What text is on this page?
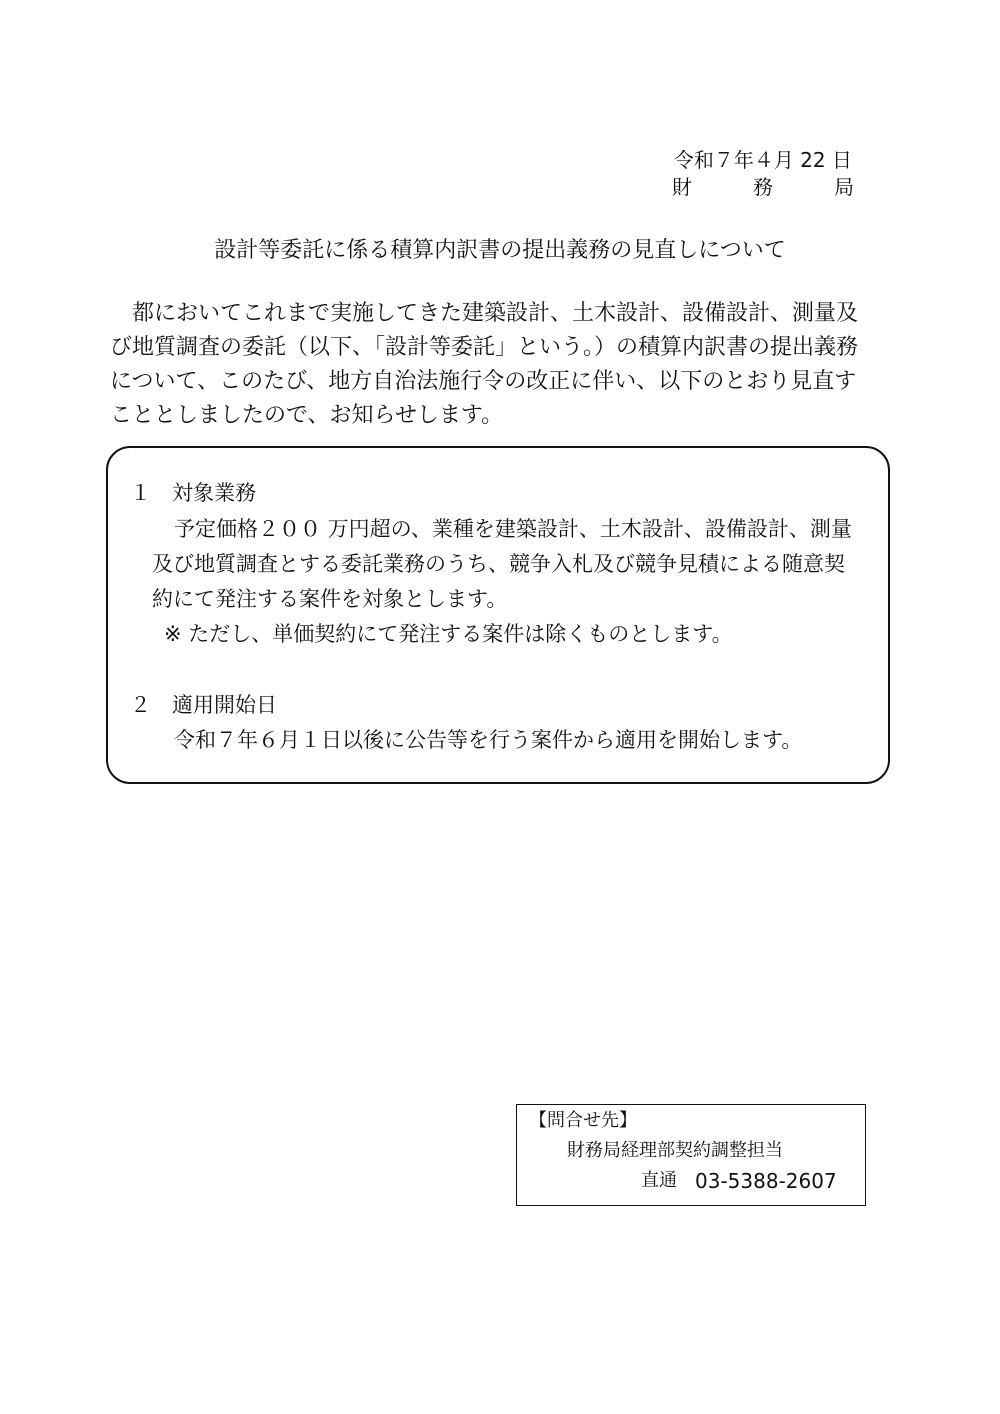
令和７年４月 22 日
財	務	局
設計等委託に係る積算内訳書の提出義務の見直しについて
都においてこれまで実施してきた建築設計、土木設計、設備設計、測量及
び地質調査の委託（以下、「設計等委託」という。）の積算内訳書の提出義務
について、このたび、地方自治法施行令の改正に伴い、以下のとおり見直す
こととしましたので、お知らせします。
１ 対象業務
予定価格２００ 万円超の、業種を建築設計、土木設計、設備設計、測量
及び地質調査とする委託業務のうち、競争入札及び競争見積による随意契
約にて発注する案件を対象とします。
※ ただし、単価契約にて発注する案件は除くものとします。
２ 適用開始日
令和７年６月１日以後に公告等を行う案件から適用を開始します。
【問合せ先】
財務局経理部契約調整担当
直通 03-5388-2607
